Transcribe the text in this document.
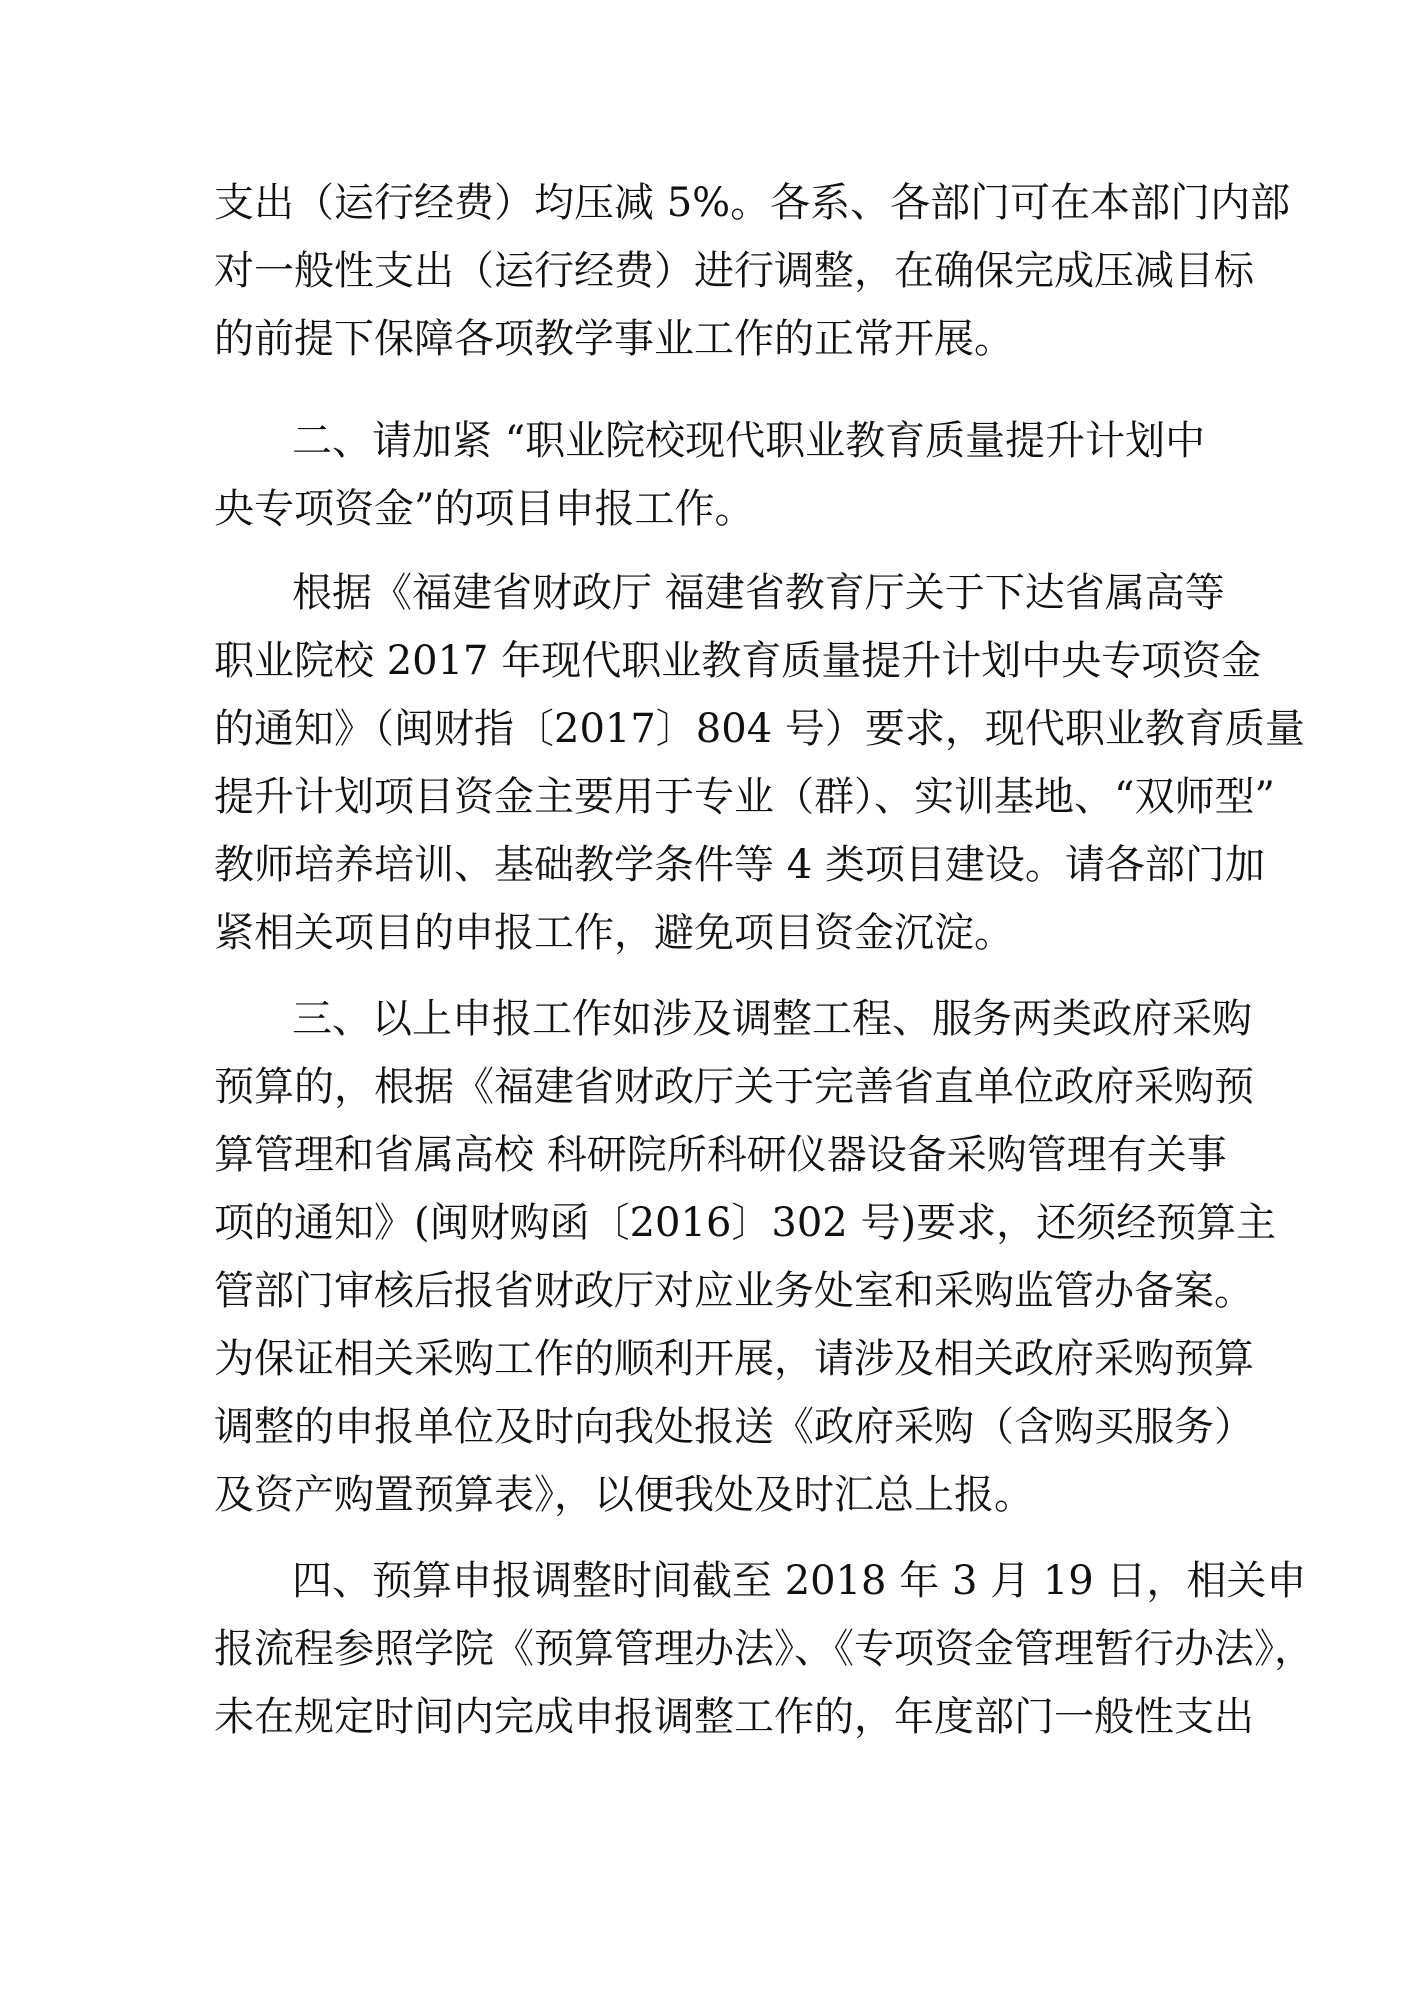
支出（运行经费）均压减 5%。各系、各部门可在本部门内部
对一般性支出（运行经费）进行调整，在确保完成压减目标
的前提下保障各项教学事业工作的正常开展。
二、请加紧 “职业院校现代职业教育质量提升计划中
央专项资金”的项目申报工作。
根据《福建省财政厅 福建省教育厅关于下达省属高等
职业院校 2017 年现代职业教育质量提升计划中央专项资金
的通知》（闽财指〔2017〕804 号）要求，现代职业教育质量
提升计划项目资金主要用于专业（群）、实训基地、“双师型”
教师培养培训、基础教学条件等 4 类项目建设。请各部门加
紧相关项目的申报工作，避免项目资金沉淀。
三、以上申报工作如涉及调整工程、服务两类政府采购
预算的，根据《福建省财政厅关于完善省直单位政府采购预
算管理和省属高校 科研院所科研仪器设备采购管理有关事
项的通知》(闽财购函〔2016〕302 号)要求，还须经预算主
管部门审核后报省财政厅对应业务处室和采购监管办备案。
为保证相关采购工作的顺利开展，请涉及相关政府采购预算
调整的申报单位及时向我处报送《政府采购（含购买服务）
及资产购置预算表》，以便我处及时汇总上报。
四、预算申报调整时间截至 2018 年 3 月 19 日，相关申
报流程参照学院《预算管理办法》、《专项资金管理暂行办法》，
未在规定时间内完成申报调整工作的，年度部门一般性支出
